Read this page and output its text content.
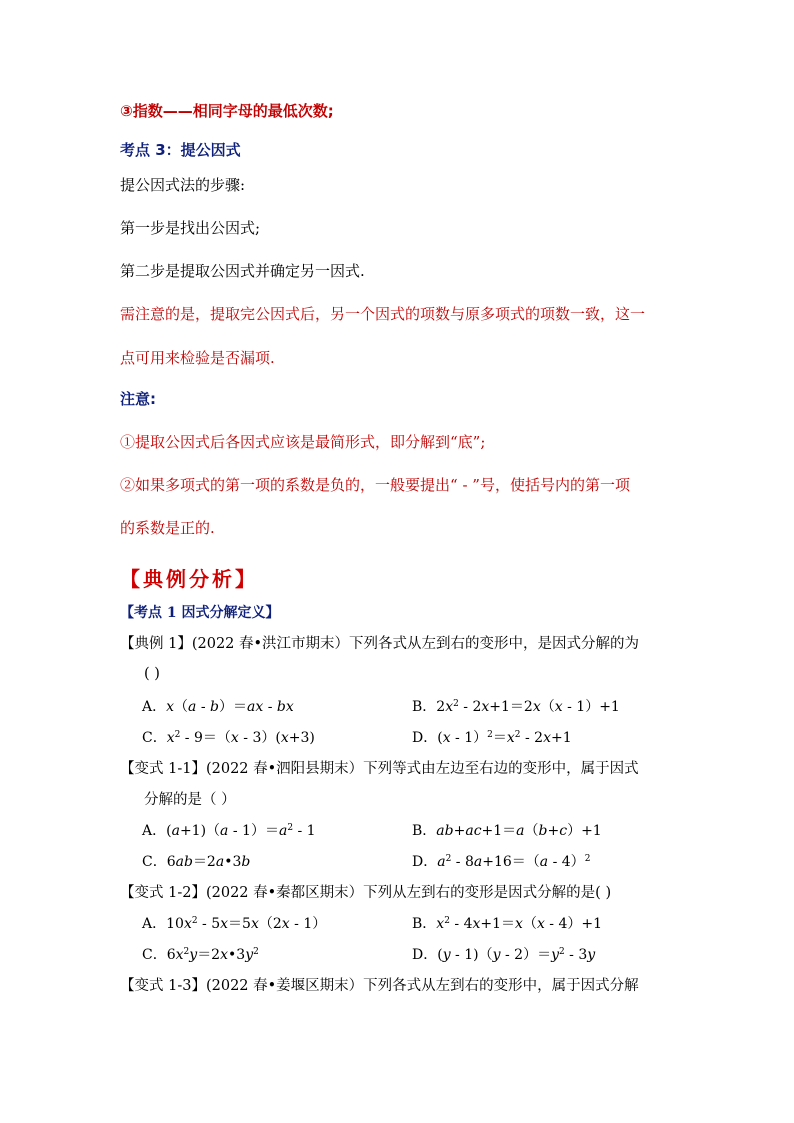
③指数——相同字母的最低次数;
考点 3：提公因式
提公因式法的步骤:
第一步是找出公因式;
第二步是提取公因式并确定另一因式.
需注意的是，提取完公因式后，另一个因式的项数与原多项式的项数一致，这一
点可用来检验是否漏项.
注意:
①提取公因式后各因式应该是最简形式，即分解到“底”;
②如果多项式的第一项的系数是负的，一般要提出“ - ”号，使括号内的第一项
的系数是正的.
【典例分析】
【考点 1 因式分解定义】
【典例 1】(2022 春•洪江市期末）下列各式从左到右的变形中，是因式分解的为
( )
A．x（a - b）＝ax - bx	B．$2x^2 - 2x+1=2x(x - 1)+1$
C．$x^2 - 9=(x - 3)(x+3)$	D．$(x - 1)^2=x^2 - 2x+1$
【变式 1-1】(2022 春•泗阳县期末）下列等式由左边至右边的变形中，属于因式
分解的是（ ）
A．$(a+1)(a - 1)=a^2 - 1$	B．ab+ac+1＝a（b+c）+1
C．6ab＝2a•3b	D．$a^2 - 8a+16=(a - 4)^2$
【变式 1-2】(2022 春•秦都区期末）下列从左到右的变形是因式分解的是( )
A．$10x^2 - 5x=5x(2x - 1)$	B．$x^2 - 4x+1=x(x - 4)+1$
C．$6x^2y=2x•3y^2$	D．$(y - 1)(y - 2)=y^2 - 3y$
【变式 1-3】(2022 春•姜堰区期末）下列各式从左到右的变形中，属于因式分解
